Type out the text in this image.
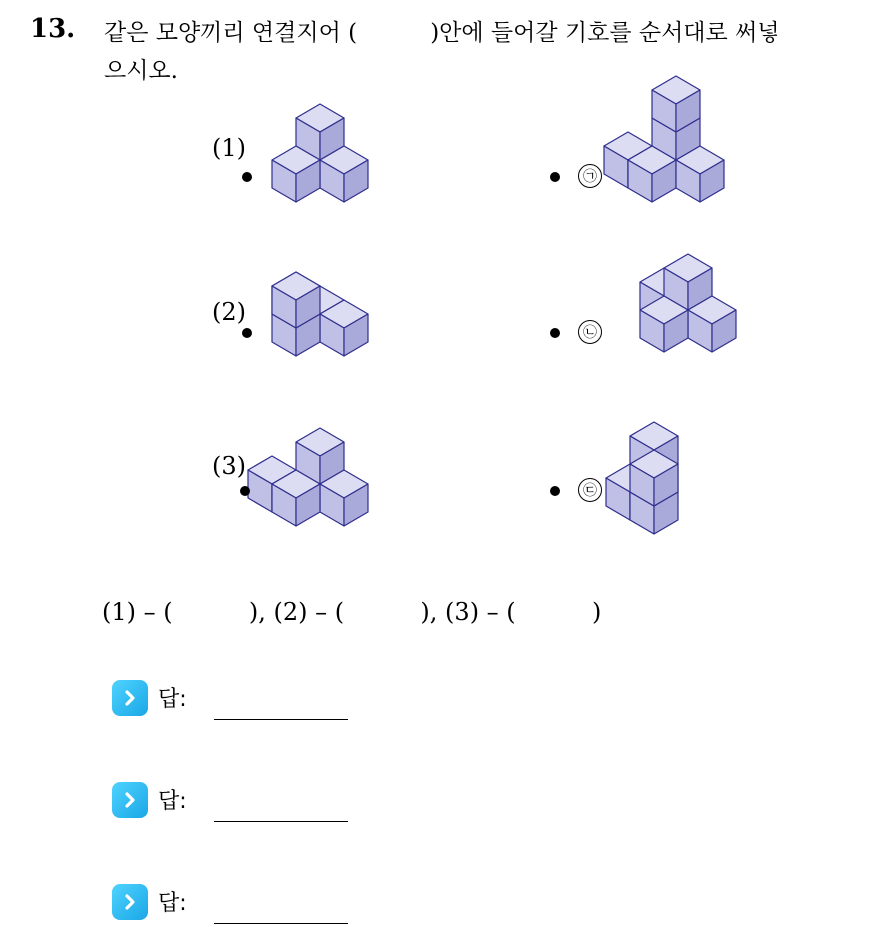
13. 같은 모양끼리 연결지어 (          )안에 들어갈 기호를 순서대로 써넣
으시오.
(1)
(2)
(3)
㉠
㉡
㉢
(1) – (          ), (2) – (          ), (3) – (          )
답:
답:
답:
